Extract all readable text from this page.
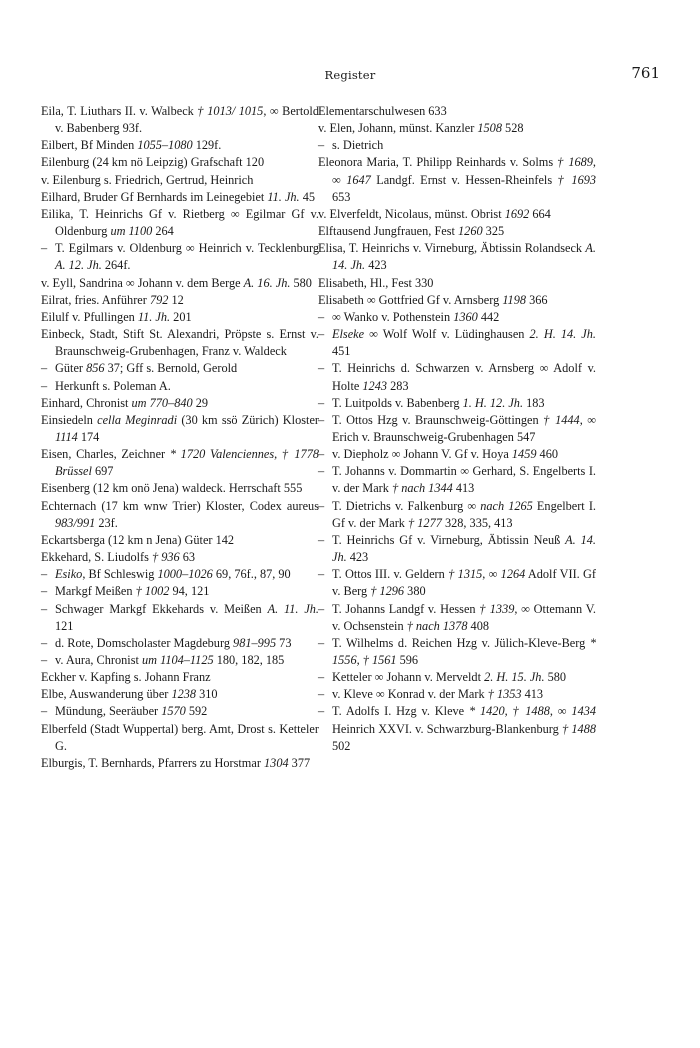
Register	761

Eila, T. Liuthars II. v. Walbeck † 1013/ 1015, ∞ Bertold v. Babenberg 93f.

Eilbert, Bf Minden 1055–1080 129f.

Eilenburg (24 km nö Leipzig) Grafschaft 120

v. Eilenburg s. Friedrich, Gertrud, Heinrich

Eilhard, Bruder Gf Bernhards im Leinegebiet 11. Jh. 45

Eilika, T. Heinrichs Gf v. Rietberg ∞ Egilmar Gf v. Oldenburg um 1100 264

– T. Egilmars v. Oldenburg ∞ Heinrich v. Tecklenburg A. 12. Jh. 264f.

v. Eyll, Sandrina ∞ Johann v. dem Berge A. 16. Jh. 580

Eilrat, fries. Anführer 792 12

Eilulf v. Pfullingen 11. Jh. 201

Einbeck, Stadt, Stift St. Alexandri, Pröpste s. Ernst v. Braunschweig-Grubenhagen, Franz v. Waldeck

– Güter 856 37; Gff s. Bernold, Gerold

– Herkunft s. Poleman A.

Einhard, Chronist um 770–840 29

Einsiedeln cella Meginradi (30 km ssö Zürich) Kloster 1114 174

Eisen, Charles, Zeichner * 1720 Valenciennes, † 1778 Brüssel 697

Eisenberg (12 km onö Jena) waldeck. Herrschaft 555

Echternach (17 km wnw Trier) Kloster, Codex aureus 983/991 23f.

Eckartsberga (12 km n Jena) Güter 142

Ekkehard, S. Liudolfs † 936 63

– Esiko, Bf Schleswig 1000–1026 69, 76f., 87, 90

– Markgf Meißen † 1002 94, 121

– Schwager Markgf Ekkehards v. Meißen A. 11. Jh. 121

– d. Rote, Domscholaster Magdeburg 981–995 73

– v. Aura, Chronist um 1104–1125 180, 182, 185

Eckher v. Kapfing s. Johann Franz

Elbe, Auswanderung über 1238 310

– Mündung, Seeräuber 1570 592

Elberfeld (Stadt Wuppertal) berg. Amt, Drost s. Ketteler G.

Elburgis, T. Bernhards, Pfarrers zu Horstmar 1304 377

Elementarschulwesen 633

v. Elen, Johann, münst. Kanzler 1508 528

– s. Dietrich

Eleonora Maria, T. Philipp Reinhards v. Solms † 1689, ∞ 1647 Landgf. Ernst v. Hessen-Rheinfels † 1693 653

v. Elverfeldt, Nicolaus, münst. Obrist 1692 664

Elftausend Jungfrauen, Fest 1260 325

Elisa, T. Heinrichs v. Virneburg, Äbtissin Rolandseck A. 14. Jh. 423

Elisabeth, Hl., Fest 330

Elisabeth ∞ Gottfried Gf v. Arnsberg 1198 366

– ∞ Wanko v. Pothenstein 1360 442

– Elseke ∞ Wolf Wolf v. Lüdinghausen 2. H. 14. Jh. 451

– T. Heinrichs d. Schwarzen v. Arnsberg ∞ Adolf v. Holte 1243 283

– T. Luitpolds v. Babenberg 1. H. 12. Jh. 183

– T. Ottos Hzg v. Braunschweig-Göttingen † 1444, ∞ Erich v. Braunschweig-Grubenhagen 547

– v. Diepholz ∞ Johann V. Gf v. Hoya 1459 460

– T. Johanns v. Dommartin ∞ Gerhard, S. Engelberts I. v. der Mark † nach 1344 413

– T. Dietrichs v. Falkenburg ∞ nach 1265 Engelbert I. Gf v. der Mark † 1277 328, 335, 413

– T. Heinrichs Gf v. Virneburg, Äbtissin Neuß A. 14. Jh. 423

– T. Ottos III. v. Geldern † 1315, ∞ 1264 Adolf VII. Gf v. Berg † 1296 380

– T. Johanns Landgf v. Hessen † 1339, ∞ Ottemann V. v. Ochsenstein † nach 1378 408

– T. Wilhelms d. Reichen Hzg v. Jülich-Kleve-Berg * 1556, † 1561 596

– Ketteler ∞ Johann v. Merveldt 2. H. 15. Jh. 580

– v. Kleve ∞ Konrad v. der Mark † 1353 413

– T. Adolfs I. Hzg v. Kleve * 1420, † 1488, ∞ 1434 Heinrich XXVI. v. Schwarzburg-Blankenburg † 1488 502
